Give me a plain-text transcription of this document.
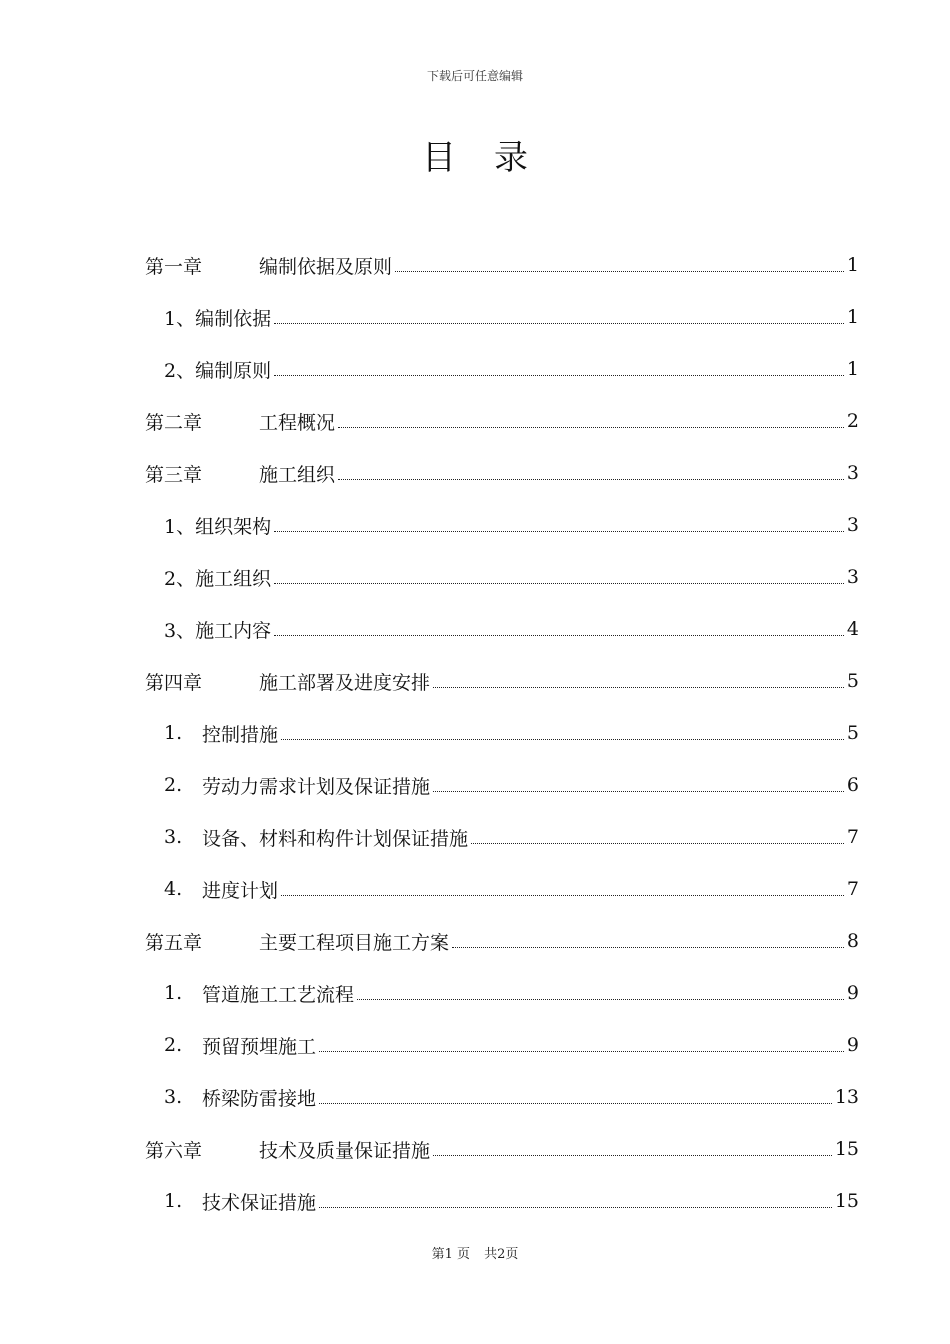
下载后可任意编辑
目 录
第一章	编制依据及原则	1
1、 编制依据	1
2、 编制原则	1
第二章	工程概况	2
第三章	施工组织	3
1、 组织架构	3
2、 施工组织	3
3、 施工内容	4
第四章	施工部署及进度安排	5
1.	控制措施	5
2.	劳动力需求计划及保证措施	6
3.	设备、材料和构件计划保证措施	7
4.	进度计划	7
第五章	主要工程项目施工方案	8
1.	管道施工工艺流程	9
2.	预留预埋施工	9
3.	桥梁防雷接地	13
第六章	技术及质量保证措施	15
1.	技术保证措施	15
第1 页 共2页
